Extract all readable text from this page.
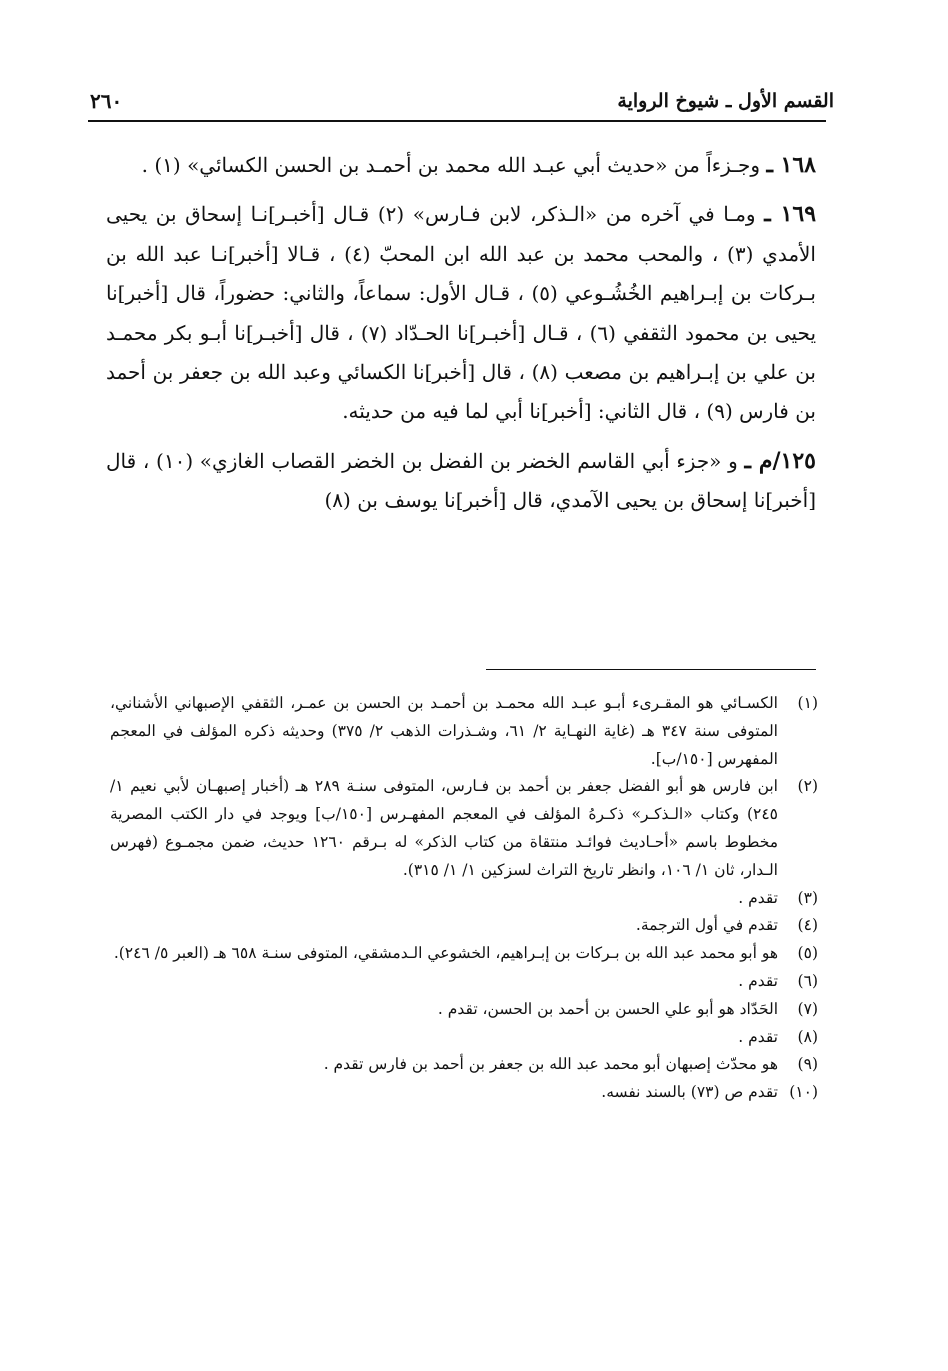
القسم الأول ـ شيوخ الرواية
٢٦٠

١٦٨ ـ وجـزءاً من «حديث أبي عبـد الله محمد بن أحمـد بن الحسن الكسائي» (١) .

١٦٩ ـ ومـا في آخره من «الـذكر، لابن فـارس» (٢) قـال [أخبـر]نـا إسحاق بن يحيى الأمدي (٣) ، والمحب محمد بن عبد الله ابن المحبّ (٤) ، قـالا [أخبر]نـا عبد الله بن بـركات بن إبـراهيم الخُشُـوعي (٥) ، قـال الأول: سماعاً، والثاني: حضوراً، قال [أخبر]نا يحيى بن محمود الثقفي (٦) ، قـال [أخبـر]نا الحـدّاد (٧) ، قال [أخبـر]نا أبـو بكر محمـد بن علي بن إبـراهيم بن مصعب (٨) ، قال [أخبر]نا الكسائي وعبد الله بن جعفر بن أحمد بن فارس (٩) ، قال الثاني: [أخبر]نا أبي لما فيه من حديثه.

١٢٥/م ـ و «جزء أبي القاسم الخضر بن الفضل بن الخضر القصاب الغازي» (١٠) ، قال [أخبر]نا إسحاق بن يحيى الآمدي، قال [أخبر]نا يوسف بن (٨)

(١)
الكسـائي هو المقـرىء أبـو عبـد الله محمـد بن أحمـد بن الحسن بن عمـر، الثقفي الإصبهاني الأشناني، المتوفى سنة ٣٤٧ هـ (غاية النهـاية ٢/ ٦١، وشـذرات الذهب ٢/ ٣٧٥) وحديثه ذكره المؤلف في المعجم المفهرس [١٥٠/ب].
(٢)
ابن فارس هو أبو الفضل جعفر بن أحمد بن فـارس، المتوفى سنـة ٢٨٩ هـ (أخبار إصبهـان لأبي نعيم ١/ ٢٤٥) وكتاب «الـذكـر» ذكـرهُ المؤلف في المعجم المفهـرس [١٥٠/ب] ويوجد في دار الكتب المصرية مخطوط باسم «أحـاديث فوائـد منتقاة من كتاب الذكر» له بـرقم ١٢٦٠ حديث، ضمن مجمـوع (فهرس الـدار، ثان ١/ ١٠٦، وانظر تاريخ التراث لسزكين ١/ ١/ ٣١٥).
(٣)
تقدم .
(٤)
تقدم في أول الترجمة.
(٥)
هو أبو محمد عبد الله بن بـركات بن إبـراهيم، الخشوعي الـدمشقي، المتوفى سنـة ٦٥٨ هـ (العبر ٥/ ٢٤٦).
(٦)
تقدم .
(٧)
الحَدّاد هو أبو علي الحسن بن أحمد بن الحسن، تقدم .
(٨)
تقدم .
(٩)
هو محدّث إصبهان أبو محمد عبد الله بن جعفر بن أحمد بن فارس تقدم .
(١٠)
تقدم ص (٧٣) بالسند نفسه.
